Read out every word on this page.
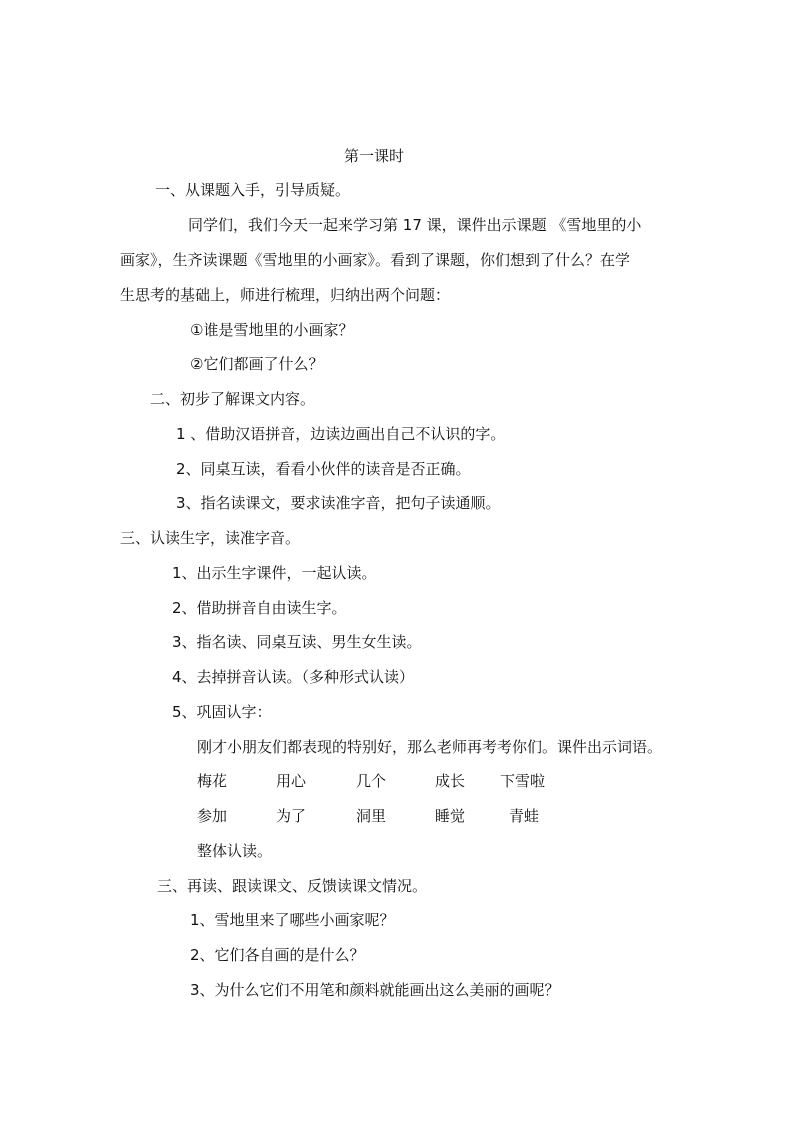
第一课时
一、从课题入手，引导质疑。
同学们，我们今天一起来学习第 17 课，课件出示课题 《雪地里的小
画家》，生齐读课题《雪地里的小画家》。看到了课题，你们想到了什么？在学
生思考的基础上，师进行梳理，归纳出两个问题：
①谁是雪地里的小画家？
②它们都画了什么？
二、初步了解课文内容。
1 、借助汉语拼音，边读边画出自己不认识的字。
2、同桌互读，看看小伙伴的读音是否正确。
3、指名读课文，要求读准字音，把句子读通顺。
三、认读生字，读准字音。
1、出示生字课件，一起认读。
2、借助拼音自由读生字。
3、指名读、同桌互读、男生女生读。
4、去掉拼音认读。（多种形式认读）
5、巩固认字：
刚才小朋友们都表现的特别好，那么老师再考考你们。课件出示词语。
梅花	用心	几个	成长 下雪啦
参加	为了	洞里	睡觉	青蛙
整体认读。
三、再读、跟读课文、反馈读课文情况。
1、雪地里来了哪些小画家呢？
2、它们各自画的是什么？
3、为什么它们不用笔和颜料就能画出这么美丽的画呢？
